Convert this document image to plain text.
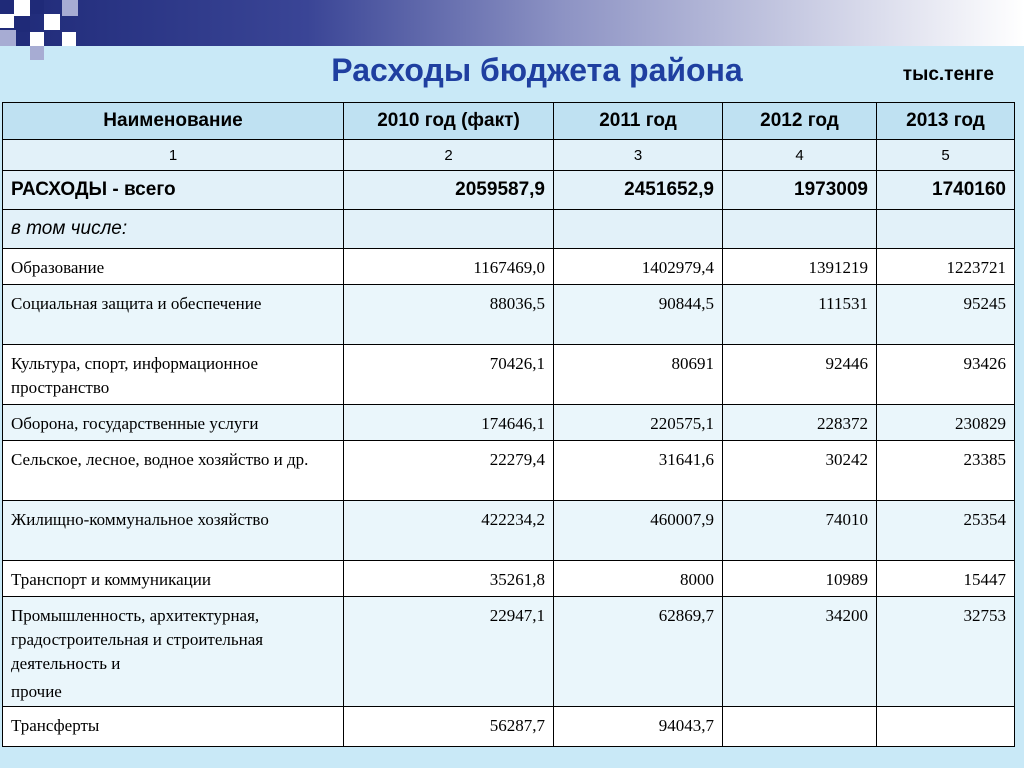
Расходы бюджета района	тыс.тенге
Наименование	2010 год (факт)	2011 год	2012 год	2013 год
1	2	3	4	5
РАСХОДЫ - всего	2059587,9	2451652,9	1973009	1740160
в том числе:				
Образование	1167469,0	1402979,4	1391219	1223721
Социальная защита и обеспечение	88036,5	90844,5	111531	95245
Культура, спорт, информационное пространство	70426,1	80691	92446	93426
Оборона, государственные услуги	174646,1	220575,1	228372	230829
Сельское, лесное, водное хозяйство и др.	22279,4	31641,6	30242	23385
Жилищно-коммунальное хозяйство	422234,2	460007,9	74010	25354
Транспорт и коммуникации	35261,8	8000	10989	15447
Промышленность, архитектурная, градостроительная и строительная деятельность и
прочие	22947,1	62869,7	34200	32753
Трансферты	56287,7	94043,7		
